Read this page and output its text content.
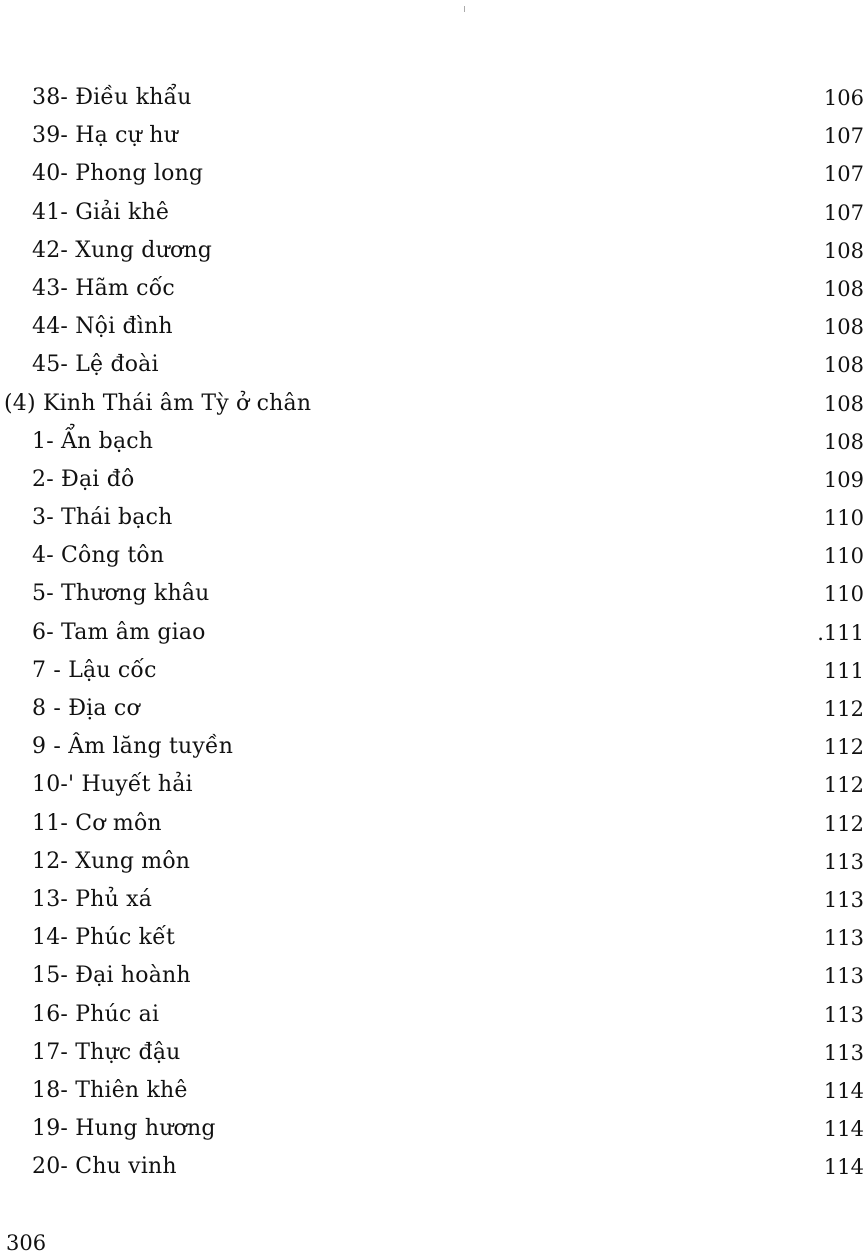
38- Điều khẩu	106
39- Hạ cự hư	107
40- Phong long	107
41- Giải khê	107
42- Xung dương	108
43- Hãm cốc	108
44- Nội đình	108
45- Lệ đoài	108
(4) Kinh Thái âm Tỳ ở chân	108
1- Ẩn bạch	108
2- Đại đô	109
3- Thái bạch	110
4- Công tôn	110
5- Thương khâu	110
6- Tam âm giao	.111
7 - Lậu cốc	111
8 - Địa cơ	112
9 - Âm lăng tuyền	112
10-' Huyết hải	112
11- Cơ môn	112
12- Xung môn	113
13- Phủ xá	113
14- Phúc kết	113
15- Đại hoành	113
16- Phúc ai	113
17- Thực đậu	113
18- Thiên khê	114
19- Hung hương	114
20- Chu vinh	114
306
